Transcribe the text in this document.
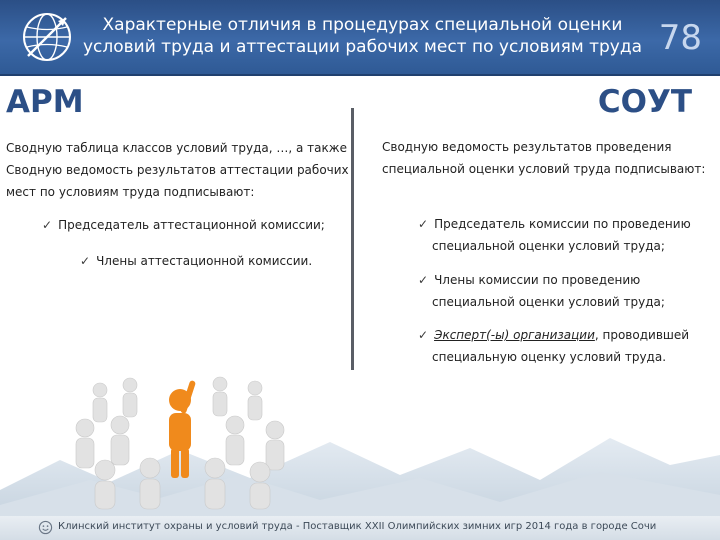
Характерные отличия в процедурах специальной оценки
условий труда и аттестации рабочих мест по условиям труда 78
АРМ	СОУТ
Сводную таблица классов условий труда, …, а также Сводную ведомость результатов аттестации рабочих мест по условиям труда подписывают:
✓ Председатель аттестационной комиссии;
✓ Члены аттестационной комиссии.
Сводную ведомость результатов проведения специальной оценки условий труда подписывают:
✓ Председатель комиссии по проведению
специальной оценки условий труда;
✓ Члены комиссии по проведению
специальной оценки условий труда;
✓ Эксперт(-ы) организации, проводившей
специальную оценку условий труда.
Клинский институт охраны и условий труда - Поставщик XXII Олимпийских зимних игр 2014 года в городе Сочи
